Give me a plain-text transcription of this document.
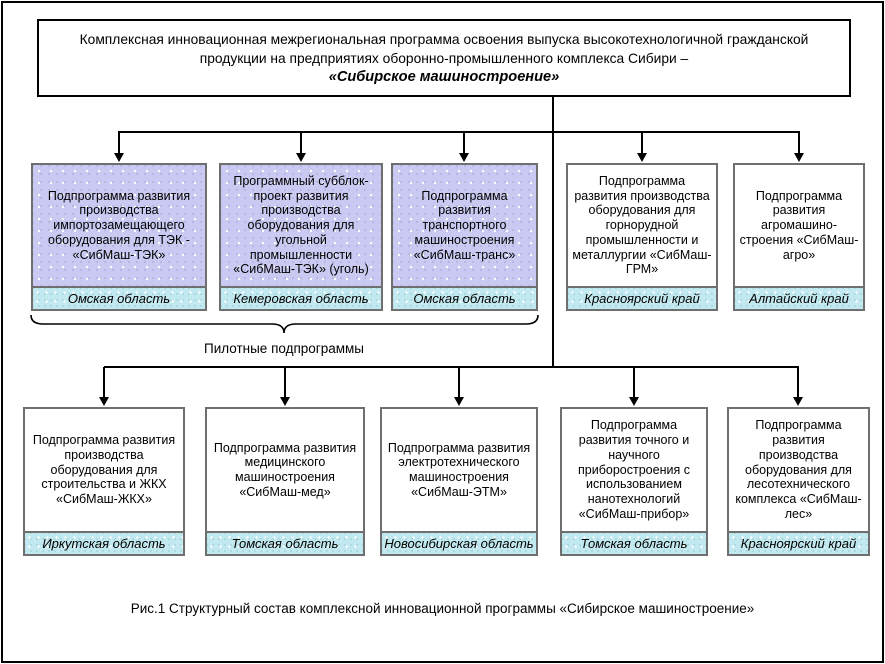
Комплексная инновационная межрегиональная программа освоения выпуска высокотехнологичной гражданской
продукции на предприятиях оборонно-промышленного комплекса Сибири –
«Сибирское машиностроение»
Подпрограмма развития производства импортозамещающего оборудования для ТЭК - «СибМаш-ТЭК»
Омская область
Программный субблок-проект развития производства оборудования для угольной промышленности «СибМаш-ТЭК» (уголь)
Кемеровская область
Подпрограмма развития транспортного машиностроения «СибМаш-транс»
Омская область
Подпрограмма развития производства оборудования для горнорудной промышленности и металлургии «СибМаш-ГРМ»
Красноярский край
Подпрограмма развития агромашино-строения «СибМаш-агро»
Алтайский край
Пилотные подпрограммы
Подпрограмма развития производства оборудования для строительства и ЖКХ «СибМаш-ЖКХ»
Иркутская область
Подпрограмма развития медицинского машиностроения «СибМаш-мед»
Томская область
Подпрограмма развития электротехнического машиностроения «СибМаш-ЭТМ»
Новосибирская область
Подпрограмма развития точного и научного приборостроения с использованием нанотехнологий «СибМаш-прибор»
Томская область
Подпрограмма развития производства оборудования для лесотехнического комплекса «СибМаш-лес»
Красноярский край
Рис.1 Структурный состав комплексной инновационной программы «Сибирское машиностроение»
